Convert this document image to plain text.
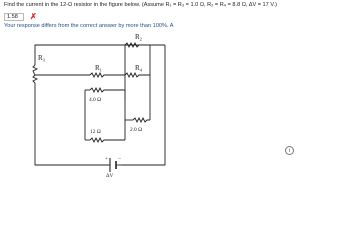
Find the current in the 12-Ω resistor in the figure below. (Assume R₁ = R₃ = 1.0 Ω, R₂ = R₄ = 8.8 Ω, ΔV = 17 V.)
1.58
✗
Your response differs from the correct answer by more than 100%. A
$R_3$
$R_1$
$R_2$
$R_4$
4.0 Ω
12 Ω	2.0 Ω
+ −
ΔV
i
